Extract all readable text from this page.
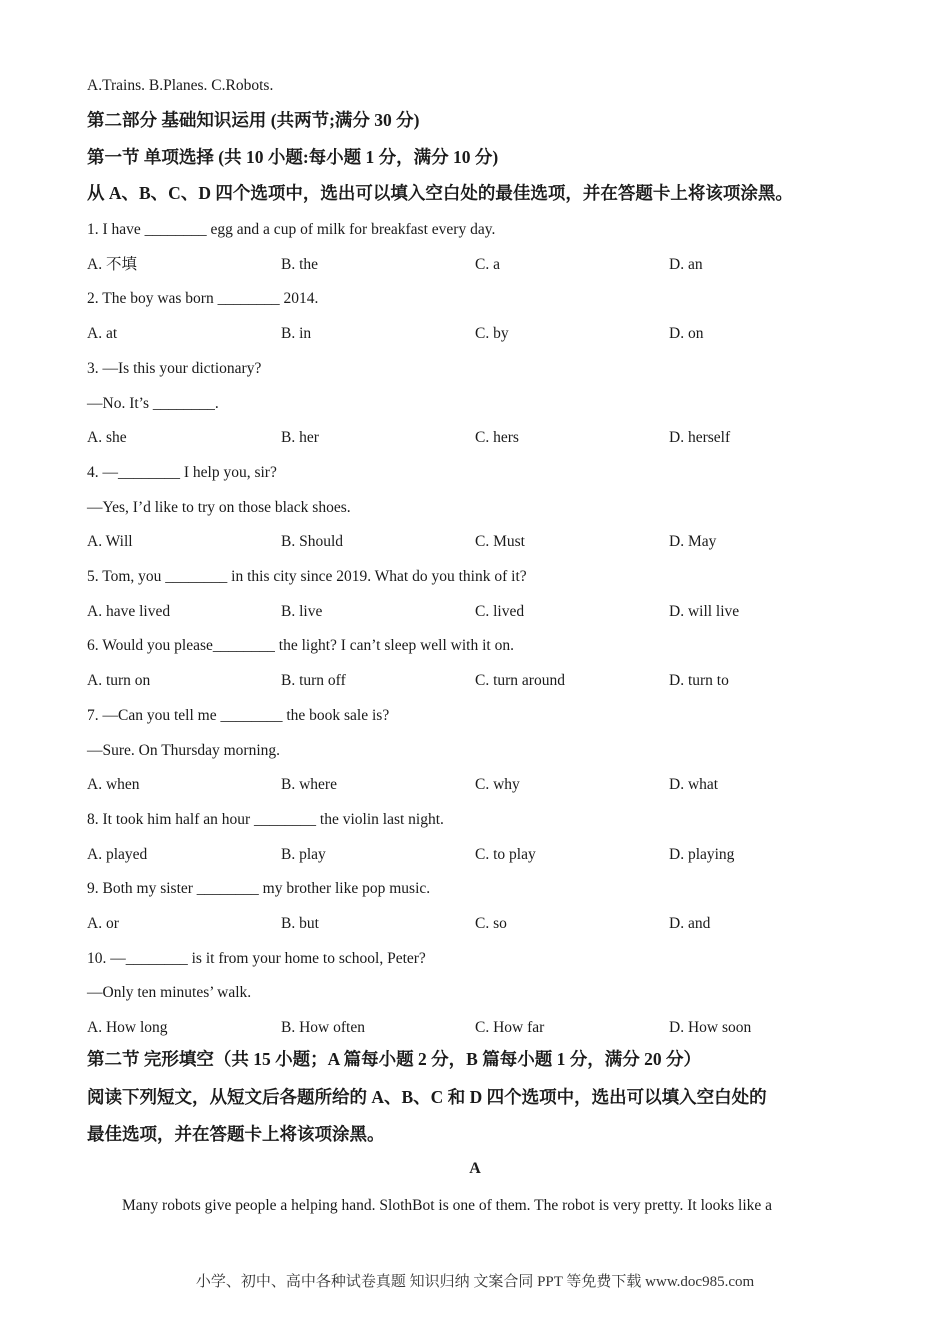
A.Trains. B.Planes. C.Robots.
第二部分 基础知识运用 (共两节;满分 30 分)
第一节 单项选择 (共 10 小题:每小题 1 分，满分 10 分)
从 A、B、C、D 四个选项中，选出可以填入空白处的最佳选项，并在答题卡上将该项涂黑。
1. I have ________ egg and a cup of milk for breakfast every day.
A. 不填	B. the	C. a	D. an
2. The boy was born ________ 2014.
A. at	B. in	C. by	D. on
3. —Is this your dictionary?
—No. It’s ________.
A. she	B. her	C. hers	D. herself
4. —________ I help you, sir?
—Yes, I’d like to try on those black shoes.
A. Will	B. Should	C. Must	D. May
5. Tom, you ________ in this city since 2019. What do you think of it?
A. have lived	B. live	C. lived	D. will live
6. Would you please________ the light? I can’t sleep well with it on.
A. turn on	B. turn off	C. turn around	D. turn to
7. —Can you tell me ________ the book sale is?
—Sure. On Thursday morning.
A. when	B. where	C. why	D. what
8. It took him half an hour ________ the violin last night.
A. played	B. play	C. to play	D. playing
9. Both my sister ________ my brother like pop music.
A. or	B. but	C. so	D. and
10. —________ is it from your home to school, Peter?
—Only ten minutes’ walk.
A. How long	B. How often	C. How far	D. How soon
第二节 完形填空（共 15 小题；A 篇每小题 2 分，B 篇每小题 1 分，满分 20 分）
阅读下列短文，从短文后各题所给的 A、B、C 和 D 四个选项中，选出可以填入空白处的
最佳选项，并在答题卡上将该项涂黑。
A
Many robots give people a helping hand. SlothBot is one of them. The robot is very pretty. It looks like a
小学、初中、高中各种试卷真题 知识归纳 文案合同 PPT 等免费下载 www.doc985.com
